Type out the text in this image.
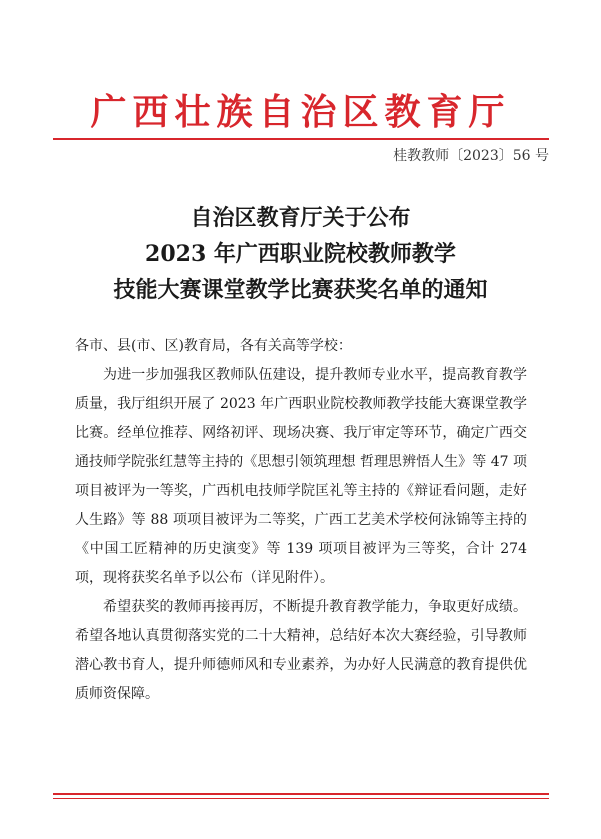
广西壮族自治区教育厅
桂教教师〔2023〕56 号
自治区教育厅关于公布
2023 年广西职业院校教师教学
技能大赛课堂教学比赛获奖名单的通知

各市、县(市、区)教育局，各有关高等学校：

为进一步加强我区教师队伍建设，提升教师专业水平，提高教育教学质量，我厅组织开展了 2023 年广西职业院校教师教学技能大赛课堂教学比赛。经单位推荐、网络初评、现场决赛、我厅审定等环节，确定广西交通技师学院张红慧等主持的《思想引领筑理想 哲理思辨悟人生》等 47 项项目被评为一等奖，广西机电技师学院匡礼等主持的《辩证看问题，走好人生路》等 88 项项目被评为二等奖，广西工艺美术学校何泳锦等主持的《中国工匠精神的历史演变》等 139 项项目被评为三等奖，合计 274 项，现将获奖名单予以公布（详见附件）。

希望获奖的教师再接再厉，不断提升教育教学能力，争取更好成绩。希望各地认真贯彻落实党的二十大精神，总结好本次大赛经验，引导教师潜心教书育人，提升师德师风和专业素养，为办好人民满意的教育提供优质师资保障。
